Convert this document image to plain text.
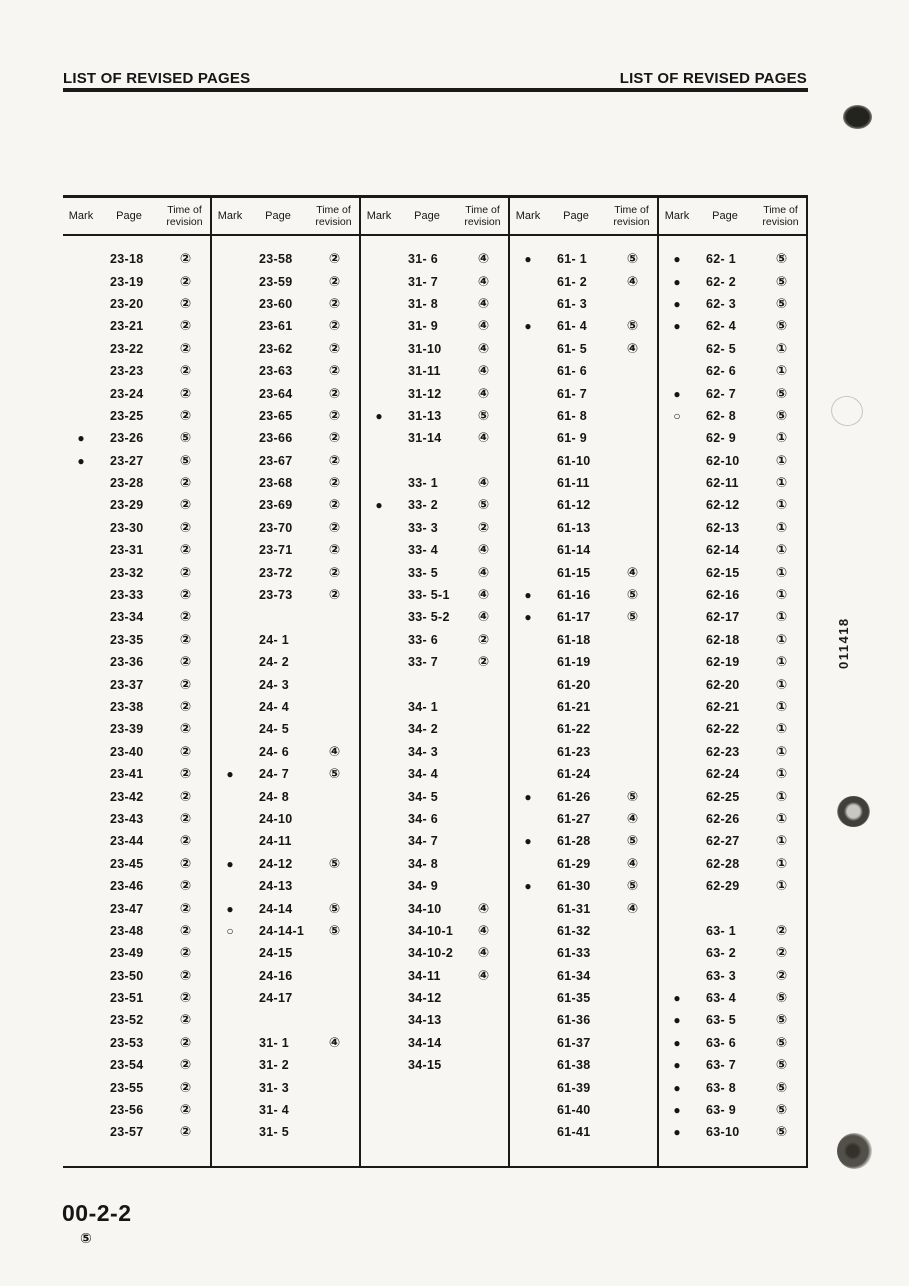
LIST OF REVISED PAGES	LIST OF REVISED PAGES
Mark	Page
Time of revision
23-18	②
23-19	②
23-20	②
23-21	②
23-22	②
23-23	②
23-24	②
23-25	②
●	23-26	⑤
●	23-27	⑤
23-28	②
23-29	②
23-30	②
23-31	②
23-32	②
23-33	②
23-34	②
23-35	②
23-36	②
23-37	②
23-38	②
23-39	②
23-40	②
23-41	②
23-42	②
23-43	②
23-44	②
23-45	②
23-46	②
23-47	②
23-48	②
23-49	②
23-50	②
23-51	②
23-52	②
23-53	②
23-54	②
23-55	②
23-56	②
23-57	②
Mark	Page
Time of revision
23-58	②
23-59	②
23-60	②
23-61	②
23-62	②
23-63	②
23-64	②
23-65	②
23-66	②
23-67	②
23-68	②
23-69	②
23-70	②
23-71	②
23-72	②
23-73	②
24- 1
24- 2
24- 3
24- 4
24- 5
24- 6	④
●	24- 7	⑤
24- 8
24-10
24-11
●	24-12	⑤
24-13
●	24-14	⑤
○	24-14-1	⑤
24-15
24-16
24-17
31- 1	④
31- 2
31- 3
31- 4
31- 5
Mark	Page
Time of revision
31- 6	④
31- 7	④
31- 8	④
31- 9	④
31-10	④
31-11	④
31-12	④
●	31-13	⑤
31-14	④
33- 1	④
●	33- 2	⑤
33- 3	②
33- 4	④
33- 5	④
33- 5-1	④
33- 5-2	④
33- 6	②
33- 7	②
34- 1
34- 2
34- 3
34- 4
34- 5
34- 6
34- 7
34- 8
34- 9
34-10	④
34-10-1	④
34-10-2	④
34-11	④
34-12
34-13
34-14
34-15
Mark	Page
Time of revision
●	61- 1	⑤
61- 2	④
61- 3
●	61- 4	⑤
61- 5	④
61- 6
61- 7
61- 8
61- 9
61-10
61-11
61-12
61-13
61-14
61-15	④
●	61-16	⑤
●	61-17	⑤
61-18
61-19
61-20
61-21
61-22
61-23
61-24
●	61-26	⑤
61-27	④
●	61-28	⑤
61-29	④
●	61-30	⑤
61-31	④
61-32
61-33
61-34
61-35
61-36
61-37
61-38
61-39
61-40
61-41
Mark	Page
Time of revision
●	62- 1	⑤
●	62- 2	⑤
●	62- 3	⑤
●	62- 4	⑤
62- 5	①
62- 6	①
●	62- 7	⑤
○	62- 8	⑤
62- 9	①
62-10	①
62-11	①
62-12	①
62-13	①
62-14	①
62-15	①
62-16	①
62-17	①
62-18	①
62-19	①
62-20	①
62-21	①
62-22	①
62-23	①
62-24	①
62-25	①
62-26	①
62-27	①
62-28	①
62-29	①
63- 1	②
63- 2	②
63- 3	②
●	63- 4	⑤
●	63- 5	⑤
●	63- 6	⑤
●	63- 7	⑤
●	63- 8	⑤
●	63- 9	⑤
●	63-10	⑤
00-2-2
⑤
011418
